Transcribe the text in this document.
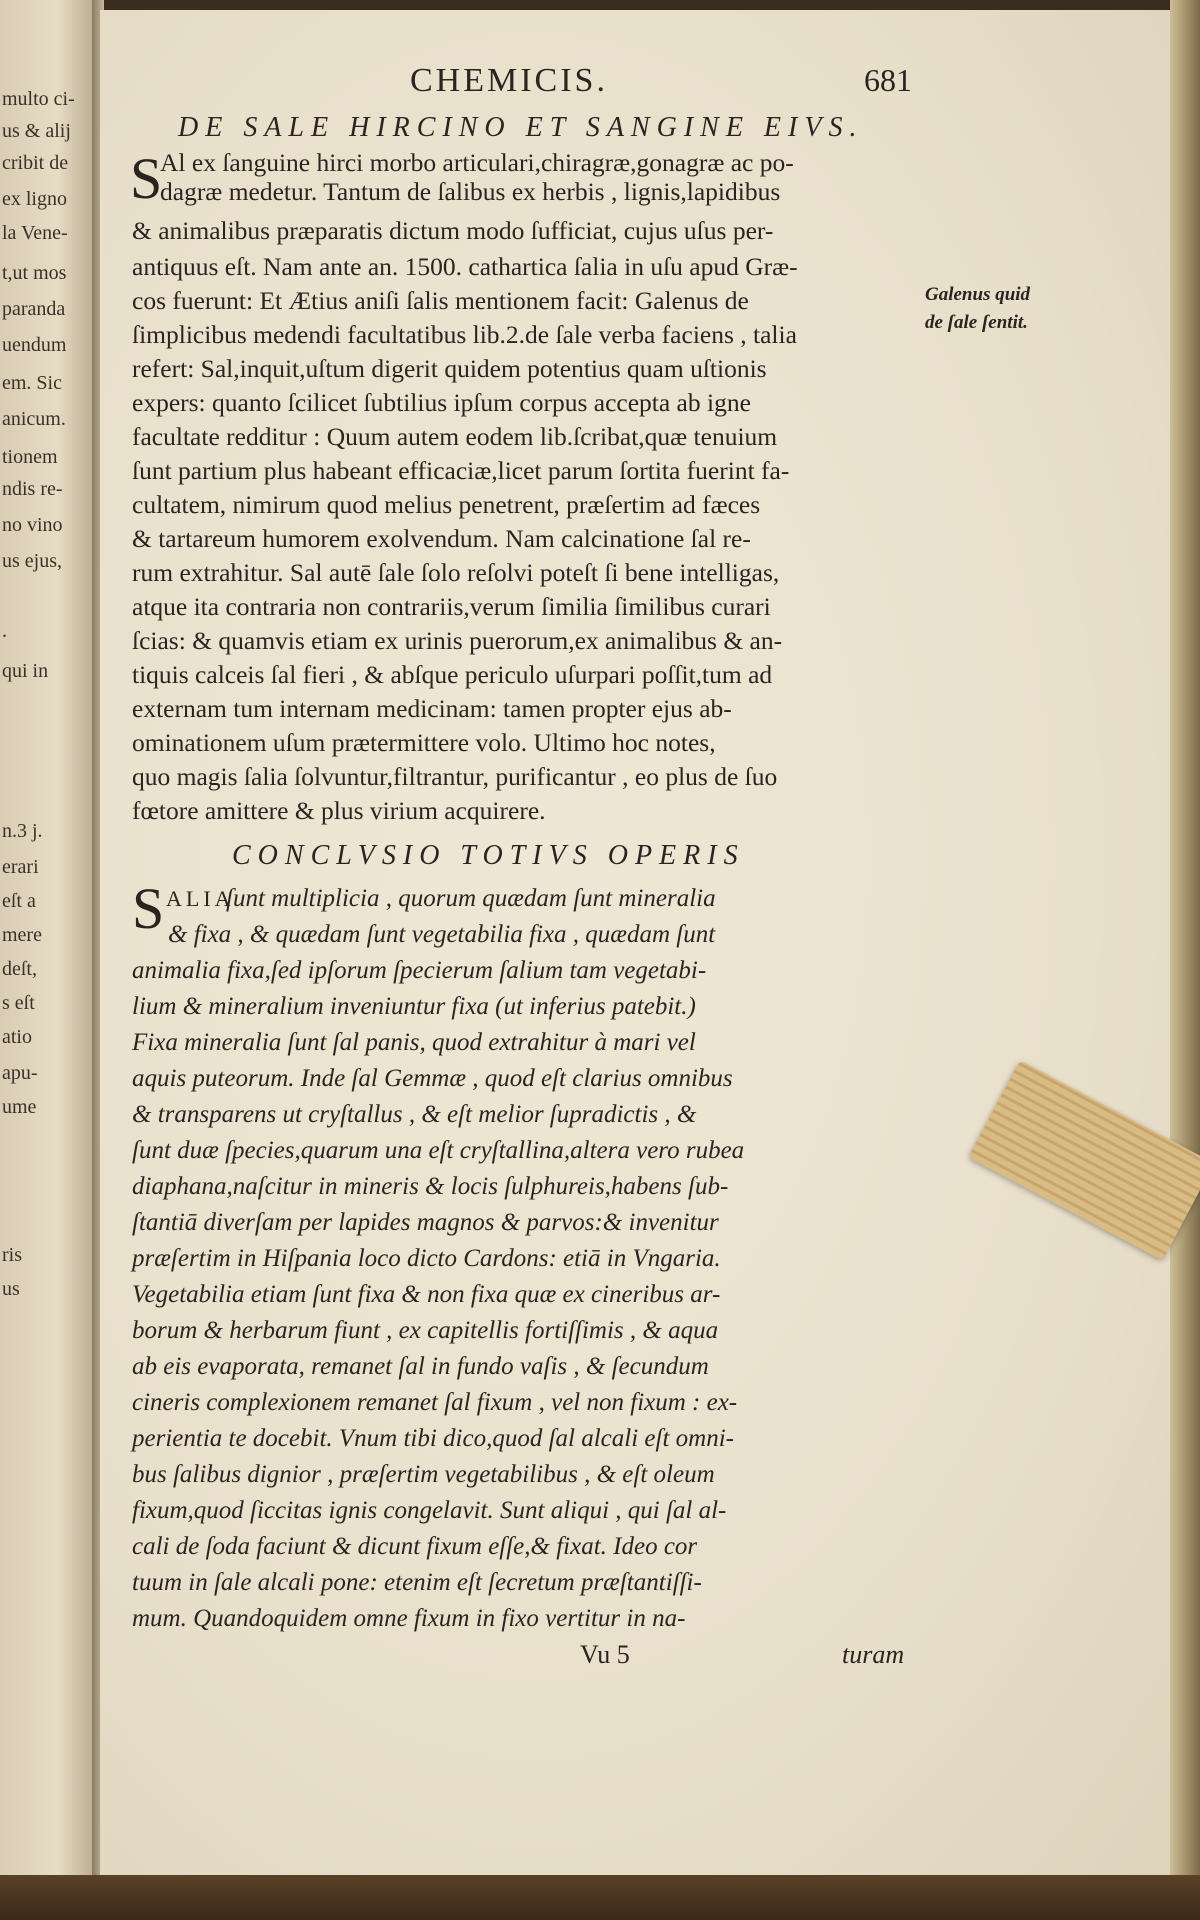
multo ci-
us & alij
cribit de
ex ligno
la Vene-
t,ut mos
paranda
uendum
em. Sic
anicum.
tionem
ndis re-
no vino
us ejus,
.
qui in
n.3 j.
erari
eſt a
mere
deſt,
s eſt
atio
apu-
ume
ris
us
CHEMICIS.	681
DE SALE HIRCINO ET SANGINE EIVS.
S
Al ex ſanguine hirci morbo articulari,chiragræ,gonagræ ac po-
dagræ medetur. Tantum de ſalibus ex herbis , lignis,lapidibus
& animalibus præparatis dictum modo ſufficiat, cujus uſus per-
antiquus eſt. Nam ante an. 1500. cathartica ſalia in uſu apud Græ-
cos fuerunt: Et Ætius aniſi ſalis mentionem facit: Galenus de
ſimplicibus medendi facultatibus lib.2.de ſale verba faciens , talia
refert: Sal,inquit,uſtum digerit quidem potentius quam uſtionis
expers: quanto ſcilicet ſubtilius ipſum corpus accepta ab igne
facultate redditur : Quum autem eodem lib.ſcribat,quæ tenuium
ſunt partium plus habeant efficaciæ,licet parum ſortita fuerint fa-
cultatem, nimirum quod melius penetrent, præſertim ad fæces
& tartareum humorem exolvendum. Nam calcinatione ſal re-
rum extrahitur. Sal autē ſale ſolo reſolvi poteſt ſi bene intelligas,
atque ita contraria non contrariis,verum ſimilia ſimilibus curari
ſcias: & quamvis etiam ex urinis puerorum,ex animalibus & an-
tiquis calceis ſal fieri , & abſque periculo uſurpari poſſit,tum ad
externam tum internam medicinam: tamen propter ejus ab-
ominationem uſum prætermittere volo. Ultimo hoc notes,
quo magis ſalia ſolvuntur,filtrantur, purificantur , eo plus de ſuo
fœtore amittere & plus virium acquirere.
Galenus quid
de ſale ſentit.
CONCLVSIO TOTIVS OPERIS
S ALIA
ſunt multiplicia , quorum quædam ſunt mineralia
& fixa , & quædam ſunt vegetabilia fixa , quædam ſunt
animalia fixa,ſed ipſorum ſpecierum ſalium tam vegetabi-
lium & mineralium inveniuntur fixa (ut inferius patebit.)
Fixa mineralia ſunt ſal panis, quod extrahitur à mari vel
aquis puteorum. Inde ſal Gemmæ , quod eſt clarius omnibus
& transparens ut cryſtallus , & eſt melior ſupradictis , &
ſunt duæ ſpecies,quarum una eſt cryſtallina,altera vero rubea
diaphana,naſcitur in mineris & locis ſulphureis,habens ſub-
ſtantiā diverſam per lapides magnos & parvos:& invenitur
præſertim in Hiſpania loco dicto Cardons: etiā in Vngaria.
Vegetabilia etiam ſunt fixa & non fixa quæ ex cineribus ar-
borum & herbarum fiunt , ex capitellis fortiſſimis , & aqua
ab eis evaporata, remanet ſal in fundo vaſis , & ſecundum
cineris complexionem remanet ſal fixum , vel non fixum : ex-
perientia te docebit. Vnum tibi dico,quod ſal alcali eſt omni-
bus ſalibus dignior , præſertim vegetabilibus , & eſt oleum
fixum,quod ſiccitas ignis congelavit. Sunt aliqui , qui ſal al-
cali de ſoda faciunt & dicunt fixum eſſe,& fixat. Ideo cor
tuum in ſale alcali pone: etenim eſt ſecretum præſtantiſſi-
mum. Quandoquidem omne fixum in fixo vertitur in na-
Vu 5	turam
